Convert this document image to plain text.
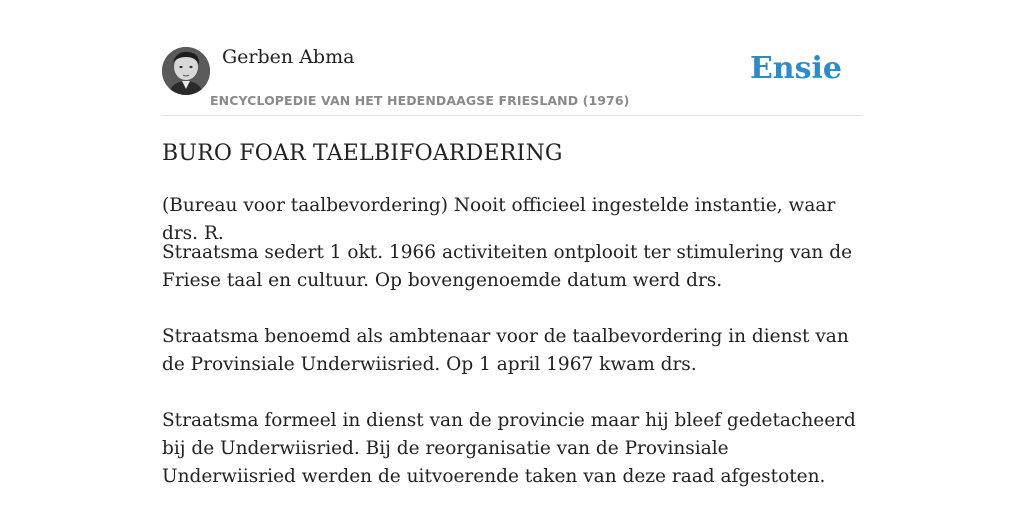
Gerben Abma
ENCYCLOPEDIE VAN HET HEDENDAAGSE FRIESLAND (1976)
Ensie
BURO FOAR TAELBIFOARDERING

(Bureau voor taalbevordering) Nooit officieel ingestelde instantie, waar drs. R.

Straatsma sedert 1 okt. 1966 activiteiten ontplooit ter stimulering van de Friese taal en cultuur. Op bovengenoemde datum werd drs.

Straatsma benoemd als ambtenaar voor de taalbevordering in dienst van de Provinsiale Underwiisried. Op 1 april 1967 kwam drs.

Straatsma formeel in dienst van de provincie maar hij bleef gedetacheerd bij de Underwiisried. Bij de reorganisatie van de Provinsiale Underwiisried werden de uitvoerende taken van deze raad afgestoten.
